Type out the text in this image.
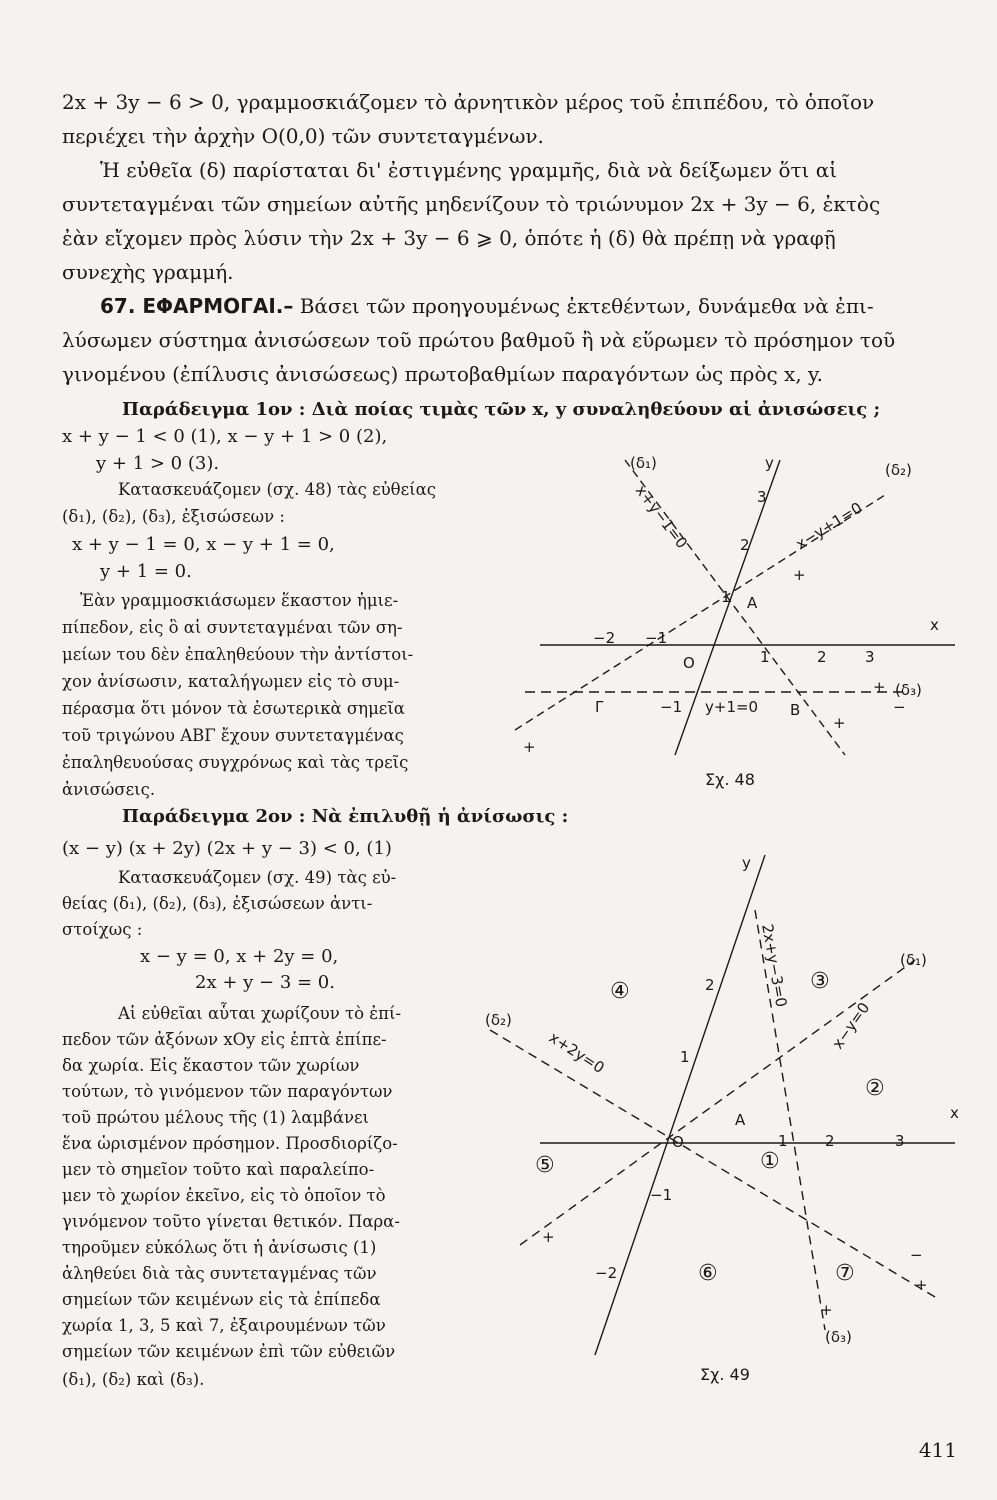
2x + 3y − 6 > 0, γραμμοσκιάζομεν τὸ ἀρνητικὸν μέρος τοῦ ἐπιπέδου, τὸ ὁποῖον
περιέχει τὴν ἀρχὴν Ο(0,0) τῶν συντεταγμένων.
Ἡ εὐθεῖα (δ) παρίσταται δι' ἐστιγμένης γραμμῆς, διὰ νὰ δείξωμεν ὅτι αἱ
συντεταγμέναι τῶν σημείων αὐτῆς μηδενίζουν τὸ τριώνυμον 2x + 3y − 6, ἐκτὸς
ἐὰν εἴχομεν πρὸς λύσιν τὴν 2x + 3y − 6 ⩾ 0, ὁπότε ἡ (δ) θὰ πρέπῃ νὰ γραφῇ
συνεχὴς γραμμή.
67. ΕΦΑΡΜΟΓΑΙ.– Βάσει τῶν προηγουμένως ἐκτεθέντων, δυνάμεθα νὰ ἐπι-
λύσωμεν σύστημα ἀνισώσεων τοῦ πρώτου βαθμοῦ ἢ νὰ εὕρωμεν τὸ πρόσημον τοῦ
γινομένου (ἐπίλυσις ἀνισώσεως) πρωτοβαθμίων παραγόντων ὡς πρὸς x, y.
Παράδειγμα 1ον : Διὰ ποίας τιμὰς τῶν x, y συναληθεύουν αἱ ἀνισώσεις ;
x + y − 1 < 0 (1), x − y + 1 > 0 (2),
y + 1 > 0 (3).
Κατασκευάζομεν (σχ. 48) τὰς εὐθείας
(δ₁), (δ₂), (δ₃), ἐξισώσεων :
x + y − 1 = 0, x − y + 1 = 0,
y + 1 = 0.
Ἐὰν γραμμοσκιάσωμεν ἕκαστον ἡμιε-
πίπεδον, εἰς ὃ αἱ συντεταγμέναι τῶν ση-
μείων του δὲν ἐπαληθεύουν τὴν ἀντίστοι-
χον ἀνίσωσιν, καταλήγωμεν εἰς τὸ συμ-
πέρασμα ὅτι μόνον τὰ ἐσωτερικὰ σημεῖα
τοῦ τριγώνου ΑΒΓ ἔχουν συντεταγμένας
ἐπαληθευούσας συγχρόνως καὶ τὰς τρεῖς
ἀνισώσεις.
(δ₁)	y	(δ₂)
3
x+y−1=0	2	x−y+1=0
1 A
x
−2 −1
O	1	2	3
Γ	−1 y+1=0 B
+ (δ₃)
+
+
+
−
Σχ. 48
Παράδειγμα 2ον : Νὰ ἐπιλυθῇ ἡ ἀνίσωσις :
(x − y) (x + 2y) (2x + y − 3) < 0, (1)
Κατασκευάζομεν (σχ. 49) τὰς εὐ-
θείας (δ₁), (δ₂), (δ₃), ἐξισώσεων ἀντι-
στοίχως :
x − y = 0, x + 2y = 0,
2x + y − 3 = 0.
Αἱ εὐθεῖαι αὗται χωρίζουν τὸ ἐπί-
πεδον τῶν ἀξόνων xOy εἰς ἑπτὰ ἐπίπε-
δα χωρία. Εἰς ἕκαστον τῶν χωρίων
τούτων, τὸ γινόμενον τῶν παραγόντων
τοῦ πρώτου μέλους τῆς (1) λαμβάνει
ἕνα ὡρισμένον πρόσημον. Προσδιορίζο-
μεν τὸ σημεῖον τοῦτο καὶ παραλείπο-
μεν τὸ χωρίον ἐκεῖνο, εἰς τὸ ὁποῖον τὸ
γινόμενον τοῦτο γίνεται θετικόν. Παρα-
τηροῦμεν εὐκόλως ὅτι ἡ ἀνίσωσις (1)
ἀληθεύει διὰ τὰς συντεταγμένας τῶν
σημείων τῶν κειμένων εἰς τὰ ἐπίπεδα
χωρία 1, 3, 5 καὶ 7, ἐξαιρουμένων τῶν
σημείων τῶν κειμένων ἐπὶ τῶν εὐθειῶν
(δ₁), (δ₂) καὶ (δ₃).
y
2x+y−3=0	(δ₁)
④	2	③
x−y=0
(δ₂)
x+2y=0	1
②
A	x
O	1 2	3
⑤	①
−1
+
−
+
−2	⑥	⑦
+
(δ₃)
Σχ. 49
411
